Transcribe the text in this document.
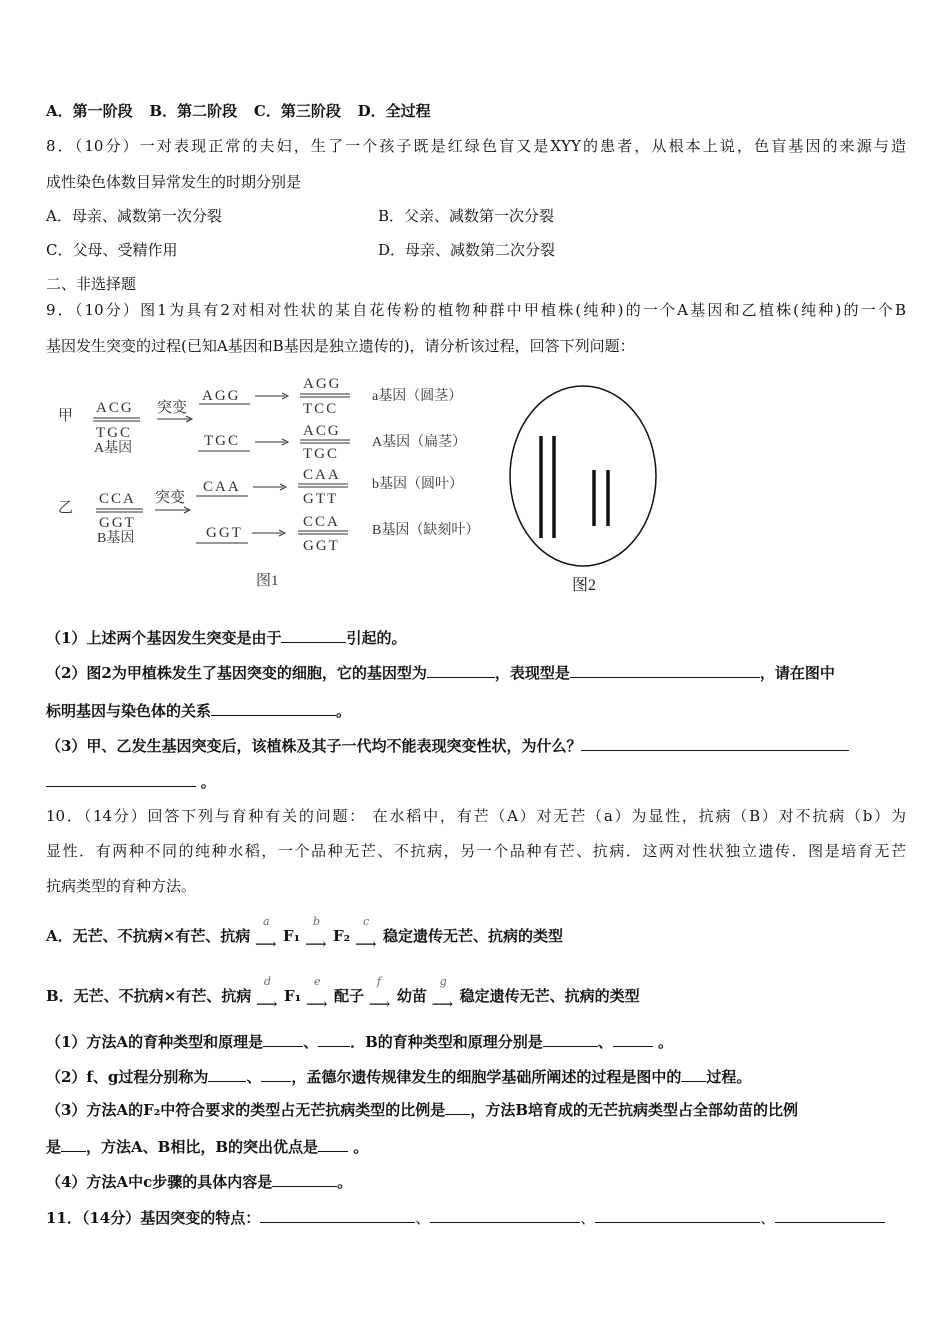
A．第一阶段 B．第二阶段 C．第三阶段 D．全过程
8．（10分）一对表现正常的夫妇，生了一个孩子既是红绿色盲又是XYY的患者，从根本上说，色盲基因的来源与造
成性染色体数目异常发生的时期分别是
A．母亲、减数第一次分裂	B．父亲、减数第一次分裂
C．父母、受精作用	D．母亲、减数第二次分裂
二、非选择题
9．（10分）图1为具有2对相对性状的某自花传粉的植物种群中甲植株(纯种)的一个A基因和乙植株(纯种)的一个B
基因发生突变的过程(已知A基因和B基因是独立遗传的)，请分析该过程，回答下列问题：
甲
乙
ACG
TGC
A基因
突变
CCA
GGT
B基因
突变
AGG
AGG
TCC
a基因（圆茎）
TGC
ACG
TGC
A基因（扁茎）
CAA
CAA
GTT
b基因（圆叶）
GGT
CCA
GGT
B基因（缺刻叶）
图1	图2
（1）上述两个基因发生突变是由于	引起的。
（2）图2为甲植株发生了基因突变的细胞，它的基因型为	，表现型是	，请在图中
标明基因与染色体的关系	。
（3）甲、乙发生基因突变后，该植株及其子一代均不能表现突变性状，为什么？
。
10．（14分）回答下列与育种有关的问题： 在水稻中，有芒（A）对无芒（a）为显性，抗病（B）对不抗病（b）为
显性．有两种不同的纯种水稻，一个品种无芒、不抗病，另一个品种有芒、抗病．这两对性状独立遗传．图是培育无芒
抗病类型的育种方法。
A．无芒、不抗病×有芒、抗病
a
⟶ F₁
b
⟶ F₂
c
⟶ 稳定遗传无芒、抗病的类型
B．无芒、不抗病×有芒、抗病
d
⟶ F₁
e
⟶ 配子
f
⟶ 幼苗
g
⟶ 稳定遗传无芒、抗病的类型
（1）方法A的育种类型和原理是	、 ．B的育种类型和原理分别是	、	。
（2）f、g过程分别称为	、 ，孟德尔遗传规律发生的细胞学基础所阐述的过程是图中的 过程。
（3）方法A的F₂中符合要求的类型占无芒抗病类型的比例是 ，方法B培育成的无芒抗病类型占全部幼苗的比例
是 ，方法A、B相比，B的突出优点是 。
（4）方法A中c步骤的具体内容是	。
11．（14分）基因突变的特点：	、	、	、
